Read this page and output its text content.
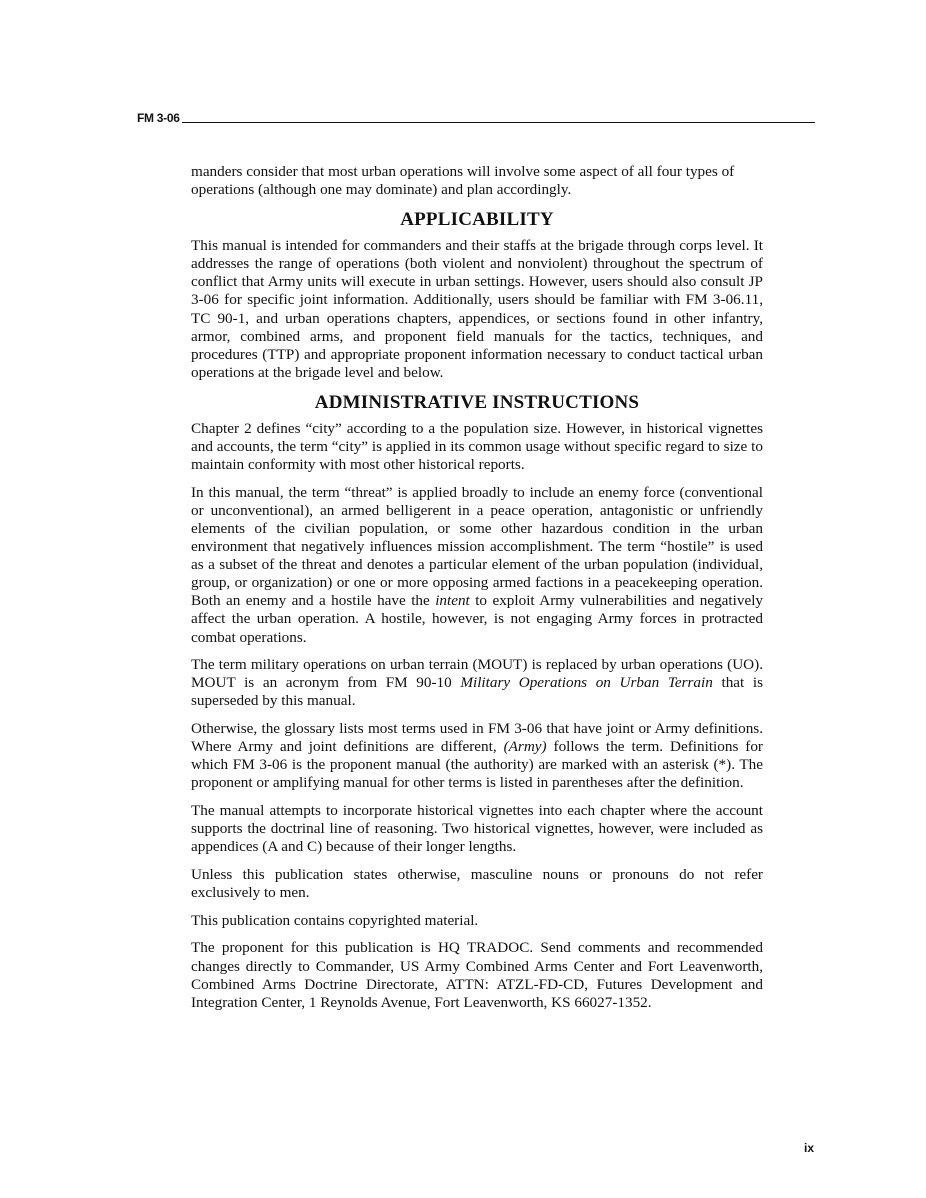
FM 3-06

manders consider that most urban operations will involve some aspect of all four types of operations (although one may dominate) and plan accordingly.

APPLICABILITY

This manual is intended for commanders and their staffs at the brigade through corps level. It addresses the range of operations (both violent and nonviolent) throughout the spectrum of conflict that Army units will execute in urban settings. However, users should also consult JP 3-06 for specific joint information. Additionally, users should be familiar with FM 3-06.11, TC 90-1, and urban operations chapters, appendices, or sections found in other infantry, armor, combined arms, and proponent field manuals for the tactics, techniques, and procedures (TTP) and appropriate proponent information necessary to conduct tactical urban operations at the brigade level and below.

ADMINISTRATIVE INSTRUCTIONS

Chapter 2 defines “city” according to a the population size. However, in historical vignettes and accounts, the term “city” is applied in its common usage without specific regard to size to maintain conformity with most other historical reports.

In this manual, the term “threat” is applied broadly to include an enemy force (conventional or unconventional), an armed belligerent in a peace operation, antagonistic or unfriendly elements of the civilian population, or some other hazardous condition in the urban environment that negatively influences mission accomplishment. The term “hostile” is used as a subset of the threat and denotes a particular element of the urban population (individual, group, or organization) or one or more opposing armed factions in a peacekeeping operation. Both an enemy and a hostile have the intent to exploit Army vulnerabilities and negatively affect the urban operation. A hostile, however, is not engaging Army forces in protracted combat operations.

The term military operations on urban terrain (MOUT) is replaced by urban operations (UO). MOUT is an acronym from FM 90-10 Military Operations on Urban Terrain that is superseded by this manual.

Otherwise, the glossary lists most terms used in FM 3-06 that have joint or Army definitions. Where Army and joint definitions are different, (Army) follows the term. Definitions for which FM 3-06 is the proponent manual (the authority) are marked with an asterisk (*). The proponent or amplifying manual for other terms is listed in parentheses after the definition.

The manual attempts to incorporate historical vignettes into each chapter where the account supports the doctrinal line of reasoning. Two historical vignettes, however, were included as appendices (A and C) because of their longer lengths.

Unless this publication states otherwise, masculine nouns or pronouns do not refer exclusively to men.

This publication contains copyrighted material.

The proponent for this publication is HQ TRADOC. Send comments and recommended changes directly to Commander, US Army Combined Arms Center and Fort Leavenworth, Combined Arms Doctrine Directorate, ATTN: ATZL-FD-CD, Futures Development and Integration Center, 1 Reynolds Avenue, Fort Leavenworth, KS 66027-1352.

ix
